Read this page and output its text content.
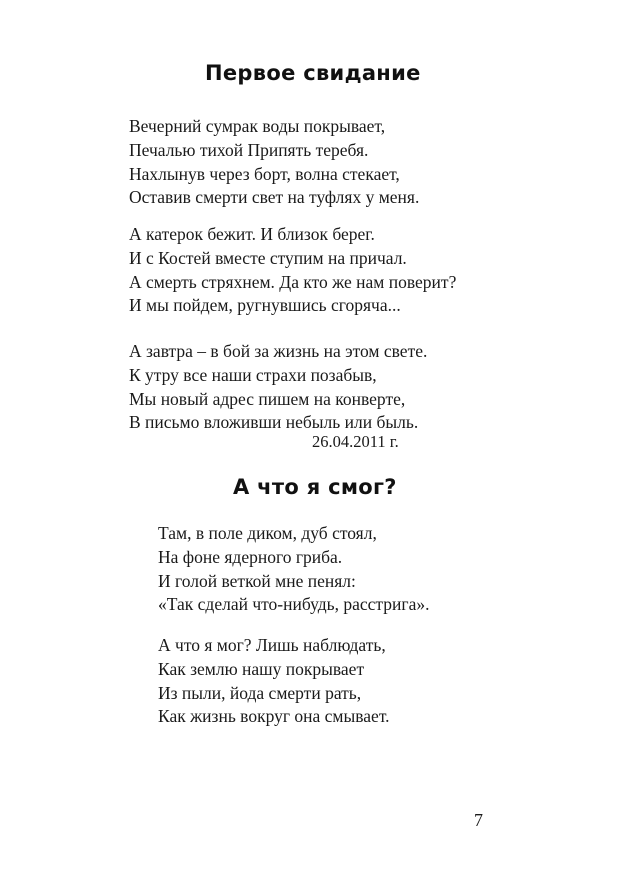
Первое свидание
Вечерний сумрак воды покрывает,
Печалью тихой Припять теребя.
Нахлынув через борт, волна стекает,
Оставив смерти свет на туфлях у меня.
А катерок бежит. И близок берег.
И с Костей вместе ступим на причал.
А смерть стряхнем. Да кто же нам поверит?
И мы пойдем, ругнувшись сгоряча...
А завтра – в бой за жизнь на этом свете.
К утру все наши страхи позабыв,
Мы новый адрес пишем на конверте,
В письмо вложивши небыль или быль.
26.04.2011 г.
А что я смог?
Там, в поле диком, дуб стоял,
На фоне ядерного гриба.
И голой веткой мне пенял:
«Так сделай что-нибудь, расстрига».
А что я мог? Лишь наблюдать,
Как землю нашу покрывает
Из пыли, йода смерти рать,
Как жизнь вокруг она смывает.
7
